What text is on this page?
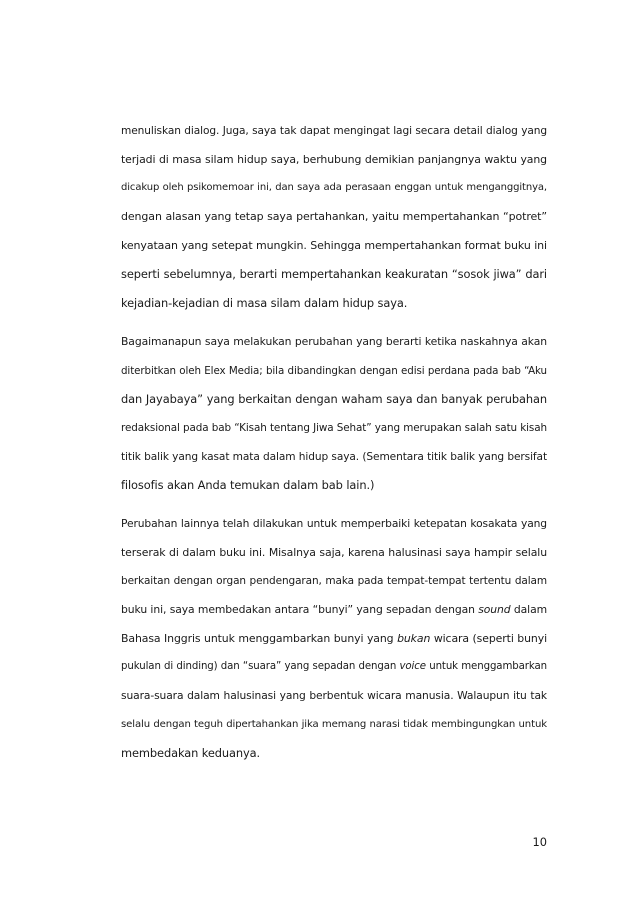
menuliskan dialog. Juga, saya tak dapat mengingat lagi secara detail dialog yang
terjadi di masa silam hidup saya, berhubung demikian panjangnya waktu yang
dicakup oleh psikomemoar ini, dan saya ada perasaan enggan untuk menganggitnya,
dengan alasan yang tetap saya pertahankan, yaitu mempertahankan “potret”
kenyataan yang setepat mungkin. Sehingga mempertahankan format buku ini
seperti sebelumnya, berarti mempertahankan keakuratan “sosok jiwa” dari
kejadian-kejadian di masa silam dalam hidup saya.

Bagaimanapun saya melakukan perubahan yang berarti ketika naskahnya akan
diterbitkan oleh Elex Media; bila dibandingkan dengan edisi perdana pada bab “Aku
dan Jayabaya” yang berkaitan dengan waham saya dan banyak perubahan
redaksional pada bab “Kisah tentang Jiwa Sehat” yang merupakan salah satu kisah
titik balik yang kasat mata dalam hidup saya. (Sementara titik balik yang bersifat
filosofis akan Anda temukan dalam bab lain.)

Perubahan lainnya telah dilakukan untuk memperbaiki ketepatan kosakata yang
terserak di dalam buku ini. Misalnya saja, karena halusinasi saya hampir selalu
berkaitan dengan organ pendengaran, maka pada tempat-tempat tertentu dalam
buku ini, saya membedakan antara “bunyi” yang sepadan dengan sound dalam
Bahasa Inggris untuk menggambarkan bunyi yang bukan wicara (seperti bunyi
pukulan di dinding) dan “suara” yang sepadan dengan voice untuk menggambarkan
suara-suara dalam halusinasi yang berbentuk wicara manusia. Walaupun itu tak
selalu dengan teguh dipertahankan jika memang narasi tidak membingungkan untuk
membedakan keduanya.

10
